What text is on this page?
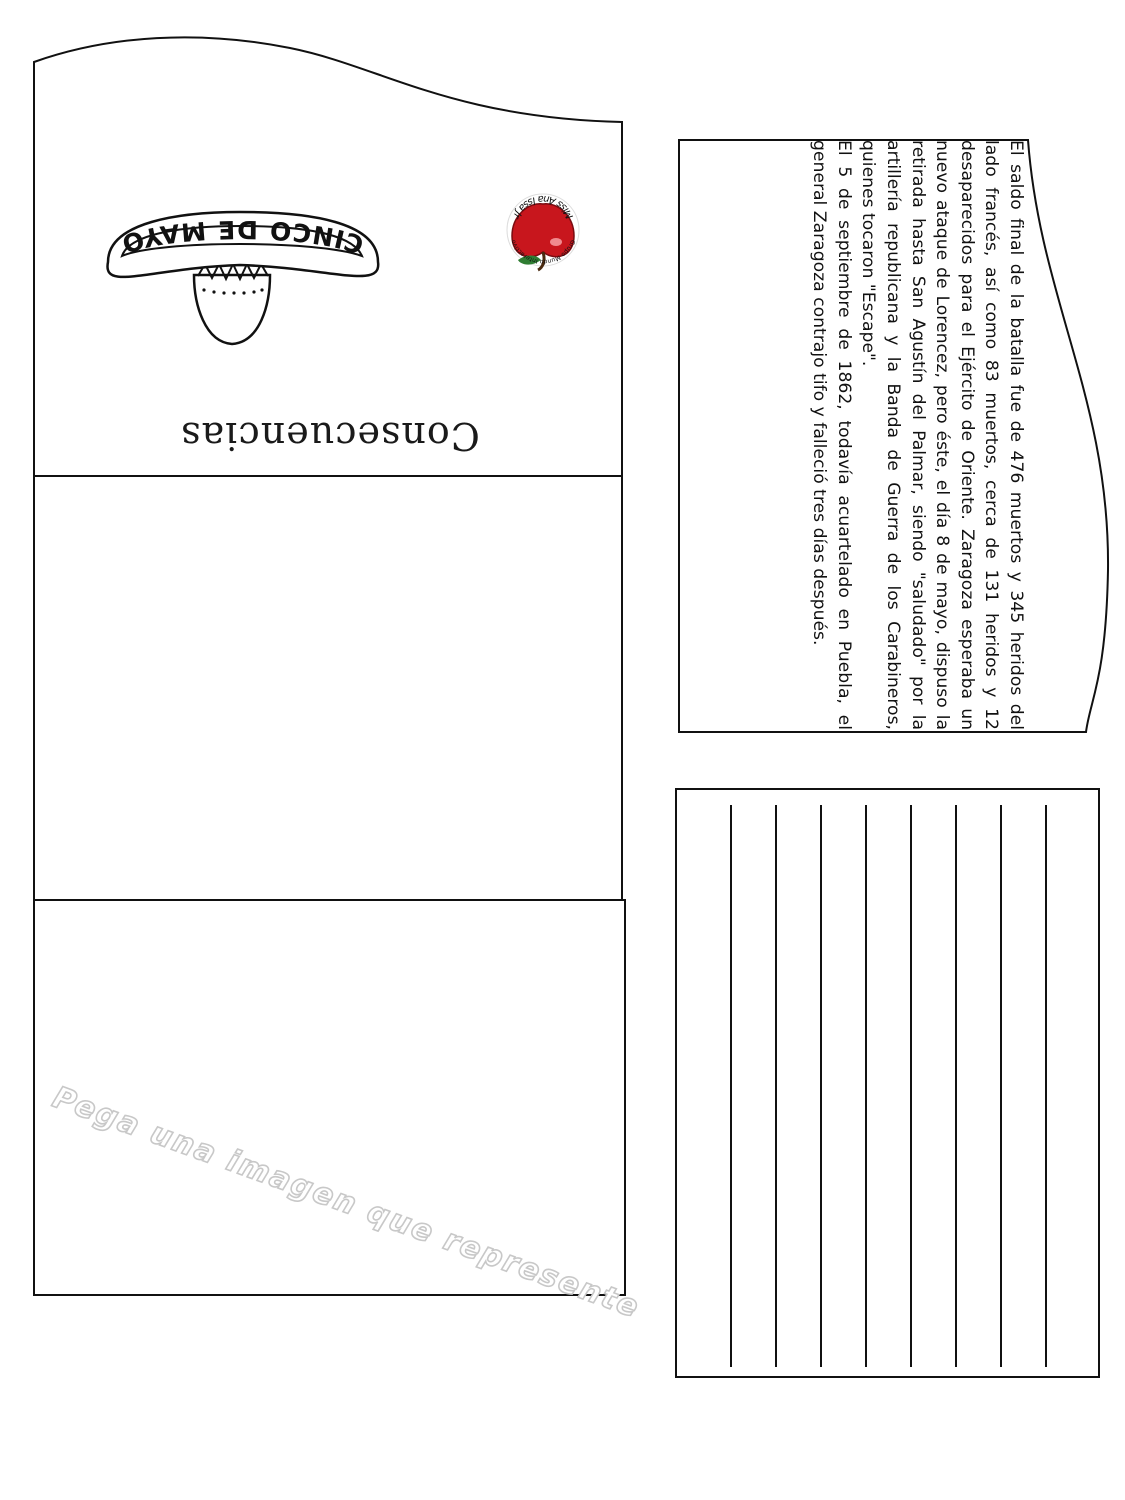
CINCO DE MAYO	Grupo Mundo Interactivo
Miss Ana Issa Jr
Consecuencias	El saldo final de la batalla fue de 476 muertos y 345 heridos del lado francés, así como 83 muertos, cerca de 131 heridos y 12 desaparecidos para el Ejército de Oriente. Zaragoza esperaba un nuevo ataque de Lorencez, pero éste, el día 8 de mayo, dispuso la retirada hasta San Agustín del Palmar, siendo "saludado" por la artillería republicana y la Banda de Guerra de los Carabineros, quienes tocaron "Escape".

El 5 de septiembre de 1862, todavía acuartelado en Puebla, el general Zaragoza contrajo tifo y falleció tres días después.

Pega una imagen que represente
